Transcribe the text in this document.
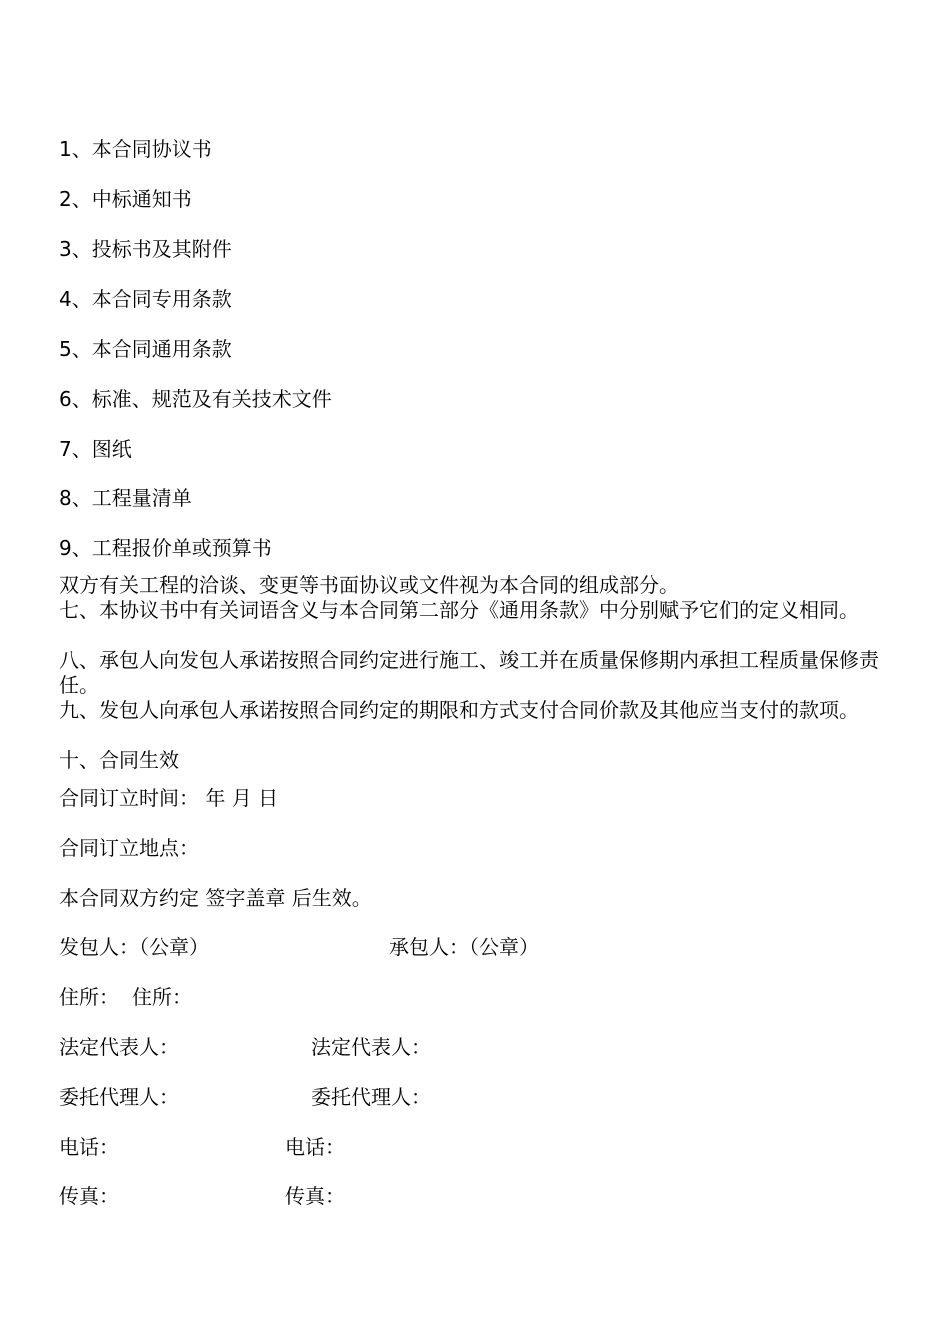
1、本合同协议书
2、中标通知书
3、投标书及其附件
4、本合同专用条款
5、本合同通用条款
6、标准、规范及有关技术文件
7、图纸
8、工程量清单
9、工程报价单或预算书
双方有关工程的洽谈、变更等书面协议或文件视为本合同的组成部分。
七、本协议书中有关词语含义与本合同第二部分《通用条款》中分别赋予它们的定义相同。
八、承包人向发包人承诺按照合同约定进行施工、竣工并在质量保修期内承担工程质量保修责任。
九、发包人向承包人承诺按照合同约定的期限和方式支付合同价款及其他应当支付的款项。
十、合同生效
合同订立时间： 年 月 日
合同订立地点：
本合同双方约定 签字盖章 后生效。
发包人：（公章）	承包人：（公章）
住所： 住所：
法定代表人：	法定代表人：
委托代理人：	委托代理人：
电话：	电话：
传真：	传真：
